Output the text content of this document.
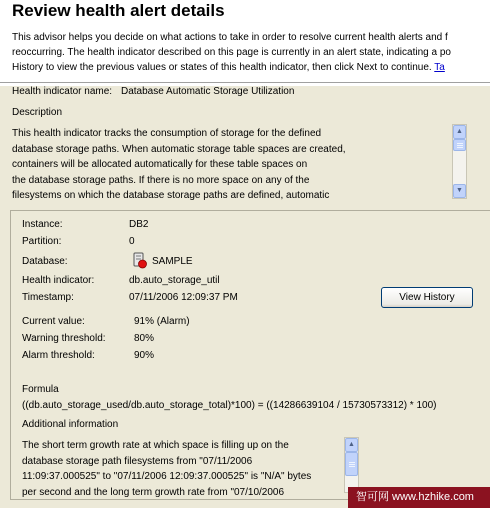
Review health alert details
This advisor helps you decide on what actions to take in order to resolve current health alerts and f
reoccurring. The health indicator described on this page is currently in an alert state, indicating a po
History to view the previous values or states of this health indicator, then click Next to continue. Ta
Health indicator name: Database Automatic Storage Utilization
Description
This health indicator tracks the consumption of storage for the defined
database storage paths. When automatic storage table spaces are created,
containers will be allocated automatically for these table spaces on
the database storage paths. If there is no more space on any of the
filesystems on which the database storage paths are defined, automatic
▲
▼
Instance:	DB2
Partition:	0
Database:	SAMPLE
Health indicator:	db.auto_storage_util
Timestamp:	07/11/2006 12:09:37 PM	View History
Current value:	91% (Alarm)
Warning threshold:	80%
Alarm threshold:	90%
Formula
((db.auto_storage_used/db.auto_storage_total)*100) = ((14286639104 / 15730573312) * 100)
Additional information
The short term growth rate at which space is filling up on the
database storage path filesystems from "07/11/2006
11:09:37.000525" to "07/11/2006 12:09:37.000525" is "N/A" bytes
per second and the long term growth rate from "07/10/2006
▲
智可网 www.hzhike.com
